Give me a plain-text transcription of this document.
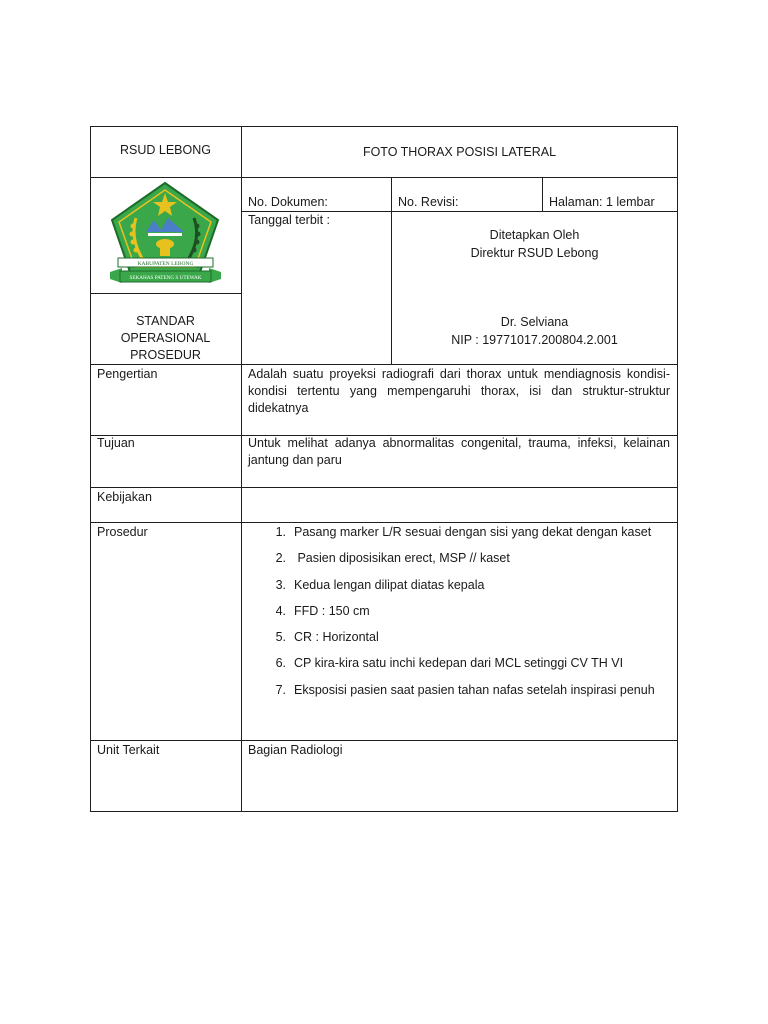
RSUD LEBONG	FOTO THORAX POSISI LATERAL
KABUPATEN LEBONG
SEKAHAS PATENG S UTEWAK
STANDAR OPERASIONAL PROSEDUR
No. Dokumen:	No. Revisi:	Halaman: 1 lembar
Tanggal terbit :
Ditetapkan Oleh
Direktur RSUD Lebong
Dr. Selviana
NIP : 19771017.200804.2.001
Pengertian	Adalah suatu proyeksi radiografi dari thorax untuk mendiagnosis kondisi-kondisi tertentu yang mempengaruhi thorax, isi dan struktur-struktur didekatnya
Tujuan	Untuk melihat adanya abnormalitas congenital, trauma, infeksi, kelainan jantung dan paru
Kebijakan
Prosedur	1. Pasang marker L/R sesuai dengan sisi yang dekat dengan kaset
2. Pasien diposisikan erect, MSP // kaset
3. Kedua lengan dilipat diatas kepala
4. FFD : 150 cm
5. CR : Horizontal
6. CP kira-kira satu inchi kedepan dari MCL setinggi CV TH VI
7. Eksposisi pasien saat pasien tahan nafas setelah inspirasi penuh
Unit Terkait	Bagian Radiologi
